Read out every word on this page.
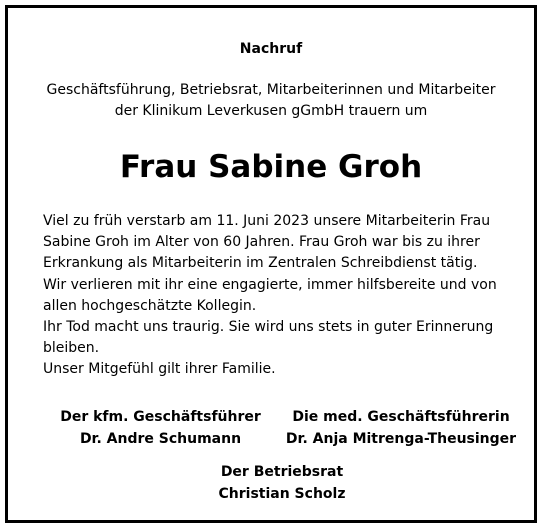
Nachruf
Geschäftsführung, Betriebsrat, Mitarbeiterinnen und Mitarbeiter
der Klinikum Leverkusen gGmbH trauern um
Frau Sabine Groh
Viel zu früh verstarb am 11. Juni 2023 unsere Mitarbeiterin Frau
Sabine Groh im Alter von 60 Jahren. Frau Groh war bis zu ihrer
Erkrankung als Mitarbeiterin im Zentralen Schreibdienst tätig.
Wir verlieren mit ihr eine engagierte, immer hilfsbereite und von
allen hochgeschätzte Kollegin.
Ihr Tod macht uns traurig. Sie wird uns stets in guter Erinnerung
bleiben.
Unser Mitgefühl gilt ihrer Familie.
Der kfm. Geschäftsführer
Dr. Andre Schumann
Die med. Geschäftsführerin
Dr. Anja Mitrenga-Theusinger
Der Betriebsrat
Christian Scholz
